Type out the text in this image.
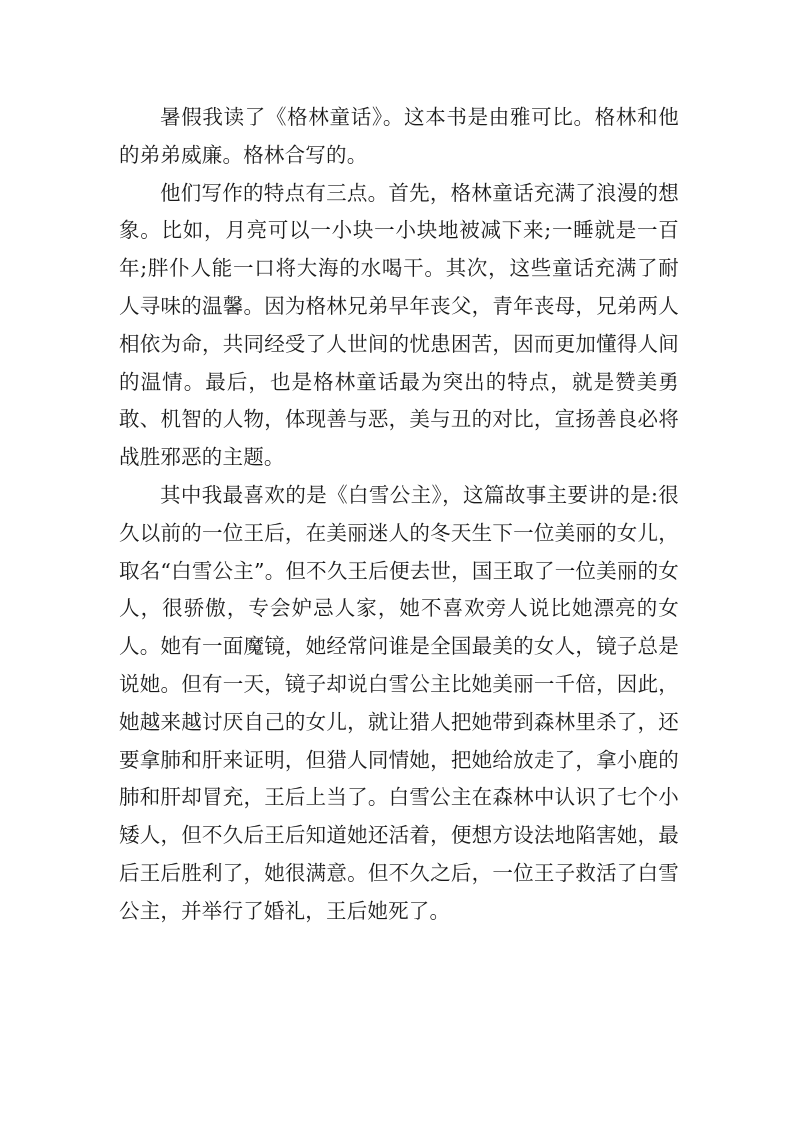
暑假我读了《格林童话》。这本书是由雅可比。格林和他的弟弟威廉。格林合写的。

他们写作的特点有三点。首先，格林童话充满了浪漫的想象。比如，月亮可以一小块一小块地被减下来;一睡就是一百年;胖仆人能一口将大海的水喝干。其次，这些童话充满了耐人寻味的温馨。因为格林兄弟早年丧父，青年丧母，兄弟两人相依为命，共同经受了人世间的忧患困苦，因而更加懂得人间的温情。最后，也是格林童话最为突出的特点，就是赞美勇敢、机智的人物，体现善与恶，美与丑的对比，宣扬善良必将战胜邪恶的主题。

其中我最喜欢的是《白雪公主》，这篇故事主要讲的是:很久以前的一位王后，在美丽迷人的冬天生下一位美丽的女儿，取名“白雪公主”。但不久王后便去世，国王取了一位美丽的女人，很骄傲，专会妒忌人家，她不喜欢旁人说比她漂亮的女人。她有一面魔镜，她经常问谁是全国最美的女人，镜子总是说她。但有一天，镜子却说白雪公主比她美丽一千倍，因此，她越来越讨厌自己的女儿，就让猎人把她带到森林里杀了，还要拿肺和肝来证明，但猎人同情她，把她给放走了，拿小鹿的肺和肝却冒充，王后上当了。白雪公主在森林中认识了七个小矮人，但不久后王后知道她还活着，便想方设法地陷害她，最后王后胜利了，她很满意。但不久之后，一位王子救活了白雪公主，并举行了婚礼，王后她死了。
